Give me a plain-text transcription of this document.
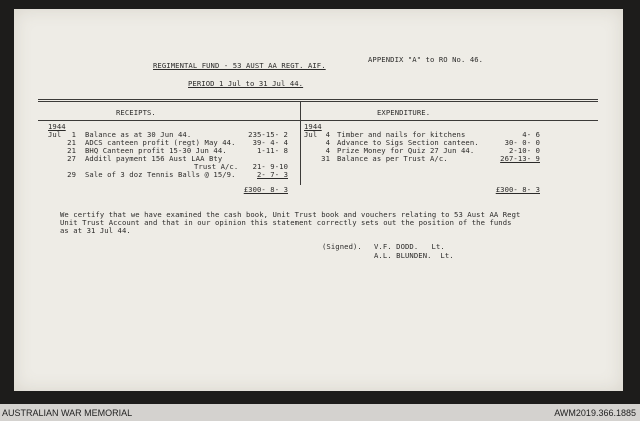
APPENDIX "A" to RO No. 46.
REGIMENTAL FUND - 53 AUST AA REGT. AIF.
PERIOD 1 Jul to 31 Jul 44.
RECEIPTS.	EXPENDITURE.
1944
Jul	1 Balance as at 30 Jun 44.	235-15- 2
21 ADCS canteen profit (regt) May 44.	39- 4- 4
21 BHQ Canteen profit 15-30 Jun 44.	1-11- 8
27 Additl payment 156 Aust LAA Bty
Trust A/c.	21- 9-10
29 Sale of 3 doz Tennis Balls @ 15/9.	2- 7- 3
£300- 8- 3
1944
Jul	4 Timber and nails for kitchens	4- 6
4 Advance to Sigs Section canteen.	30- 0- 0
4 Prize Money for Quiz 27 Jun 44.	2-10- 0
31 Balance as per Trust A/c.	267-13- 9
£300- 8- 3
We certify that we have examined the cash book, Unit Trust book and vouchers relating to 53 Aust AA Regt
Unit Trust Account and that in our opinion this statement correctly sets out the position of the funds
as at 31 Jul 44.
(Signed). V.F. DODD.   Lt.
A.L. BLUNDEN.  Lt.
AUSTRALIAN WAR MEMORIAL	AWM2019.366.1885
